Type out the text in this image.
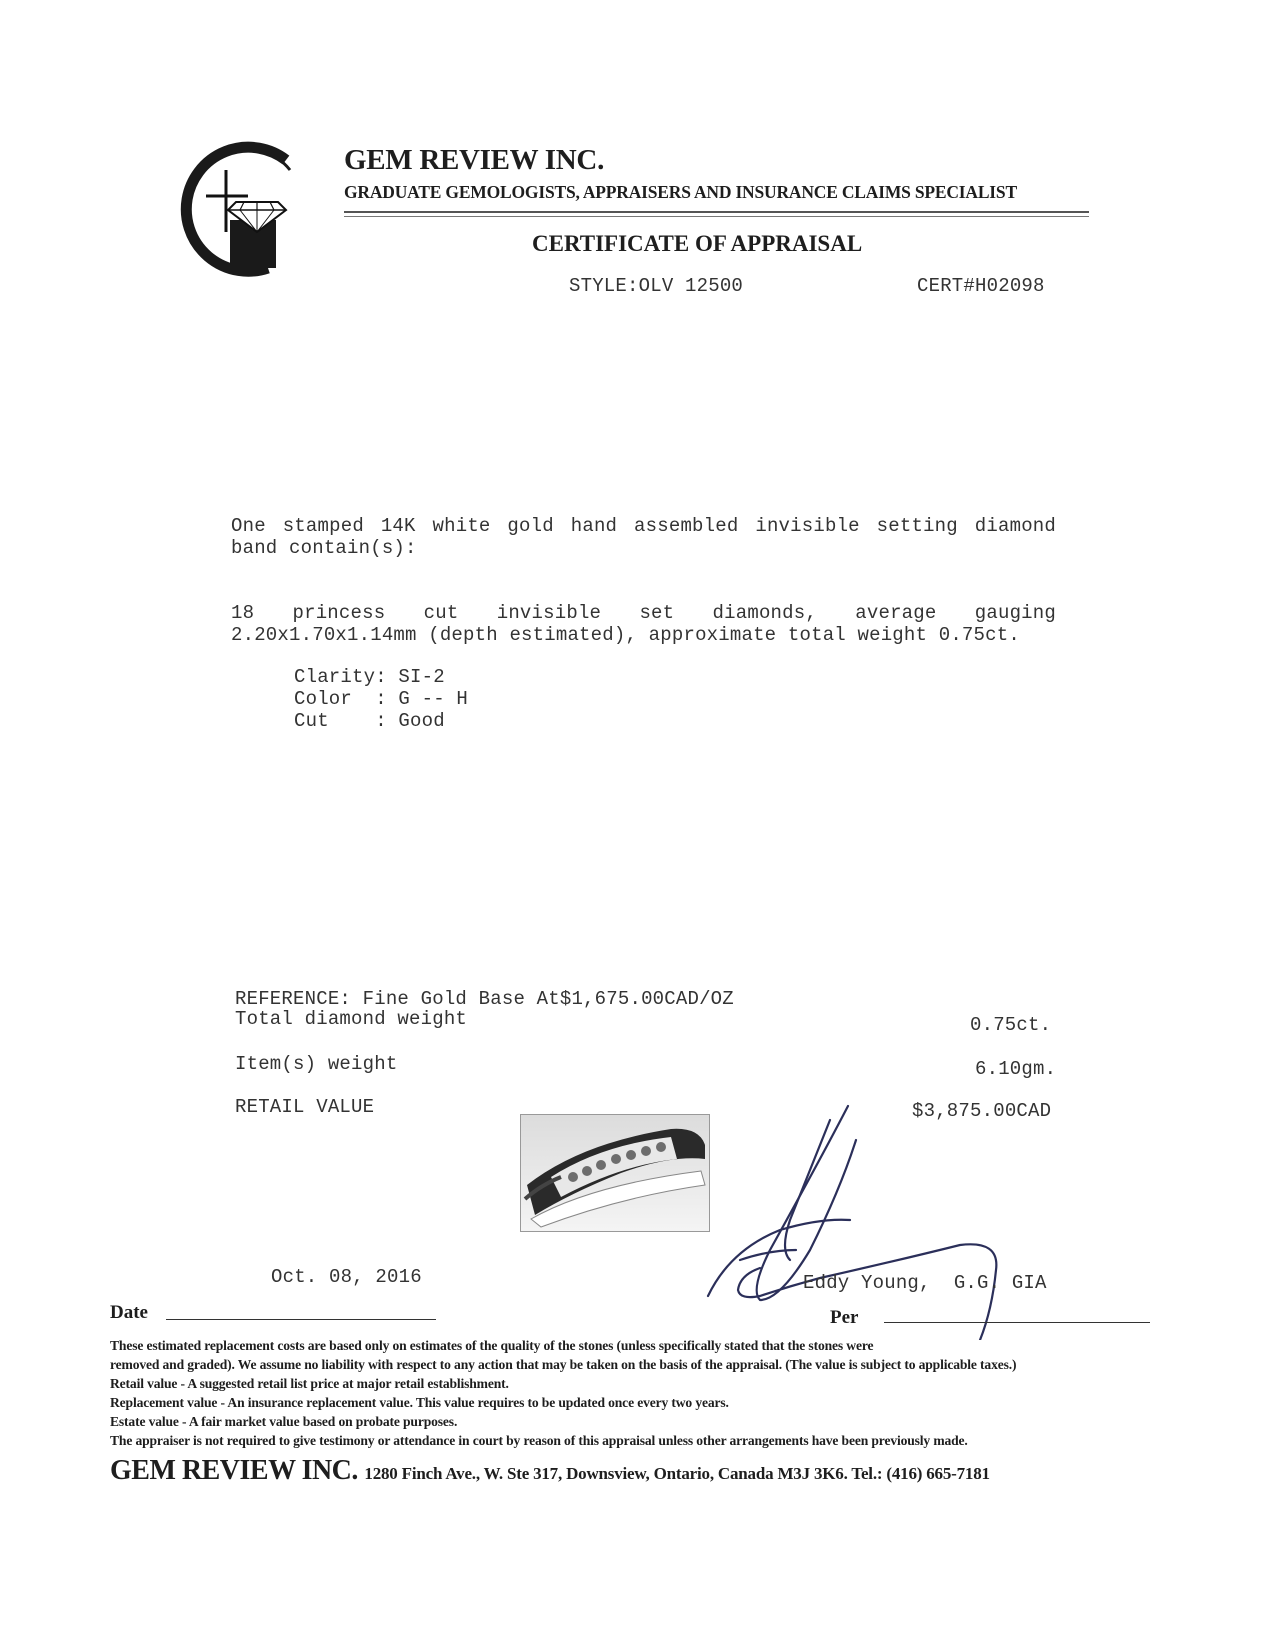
GEM REVIEW INC.
GRADUATE GEMOLOGISTS, APPRAISERS AND INSURANCE CLAIMS SPECIALIST
CERTIFICATE OF APPRAISAL
STYLE:OLV 12500	CERT#H02098
One stamped 14K white gold hand assembled invisible setting diamond
band contain(s):
18 princess cut invisible set diamonds, average gauging
2.20x1.70x1.14mm (depth estimated), approximate total weight 0.75ct.
Clarity: SI-2
Color  : G -- H
Cut    : Good
REFERENCE: Fine Gold Base At$1,675.00CAD/OZ
Total diamond weight	0.75ct.
Item(s) weight	6.10gm.
RETAIL VALUE	$3,875.00CAD
Oct. 08, 2016	Eddy Young,  G.G. GIA
Date	Per
These estimated replacement costs are based only on estimates of the quality of the stones (unless specifically stated that the stones were
removed and graded). We assume no liability with respect to any action that may be taken on the basis of the appraisal. (The value is subject to applicable taxes.)
Retail value - A suggested retail list price at major retail establishment.
Replacement value - An insurance replacement value. This value requires to be updated once every two years.
Estate value - A fair market value based on probate purposes.
The appraiser is not required to give testimony or attendance in court by reason of this appraisal unless other arrangements have been previously made.
GEM REVIEW INC. 1280 Finch Ave., W. Ste 317, Downsview, Ontario, Canada M3J 3K6. Tel.: (416) 665-7181
